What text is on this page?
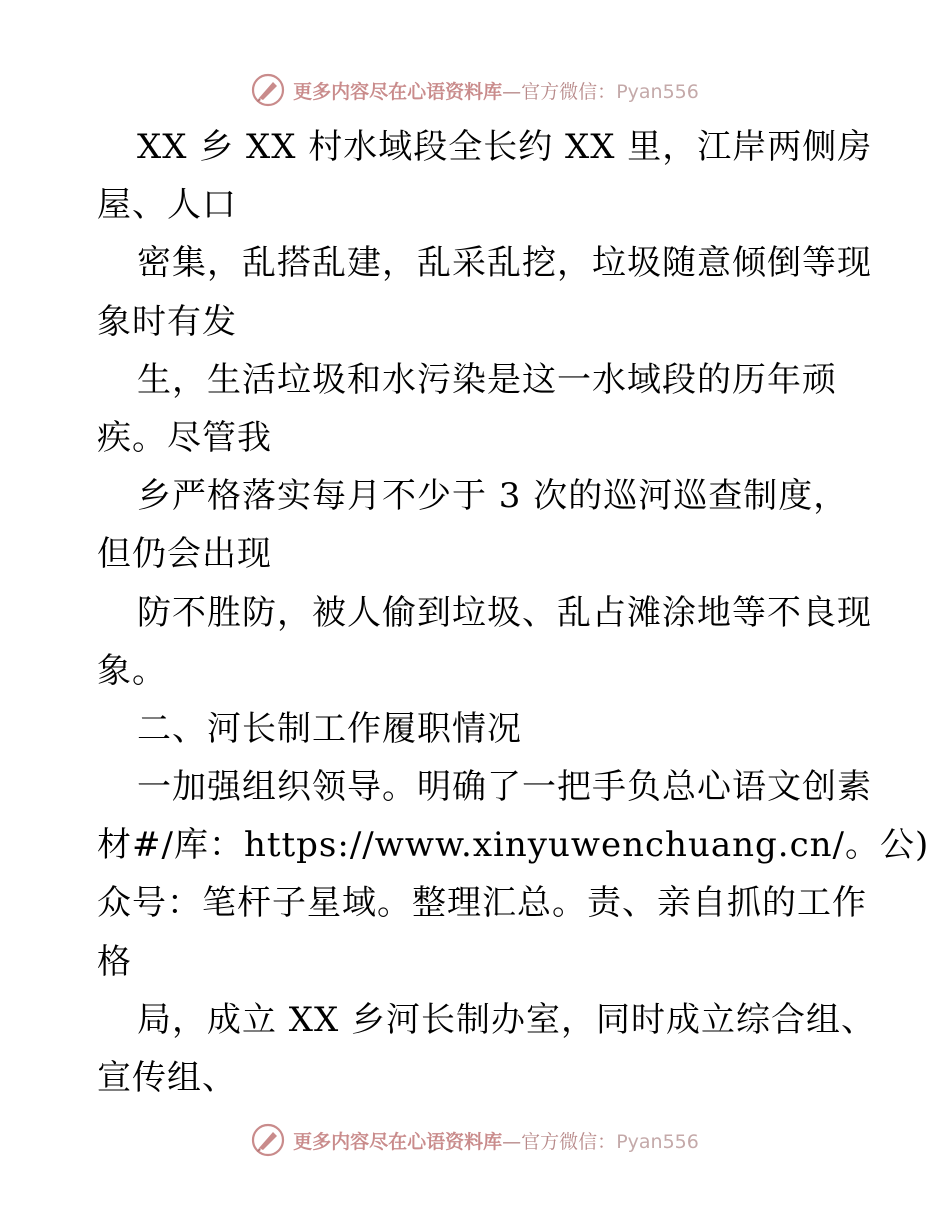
更多内容尽在心语资料库—官方微信：Pyan556
XX 乡 XX 村水域段全长约 XX 里，江岸两侧房
屋、人口
密集，乱搭乱建，乱采乱挖，垃圾随意倾倒等现
象时有发
生，生活垃圾和水污染是这一水域段的历年顽
疾。尽管我
乡严格落实每月不少于 3 次的巡河巡查制度，
但仍会出现
防不胜防，被人偷到垃圾、乱占滩涂地等不良现
象。
二、河长制工作履职情况
一加强组织领导。明确了一把手负总心语文创素
材#/库：https://www.xinyuwenchuang.cn/。公)
众号：笔杆子星域。整理汇总。责、亲自抓的工作
格
局，成立 XX 乡河长制办室，同时成立综合组、
宣传组、
更多内容尽在心语资料库—官方微信：Pyan556
